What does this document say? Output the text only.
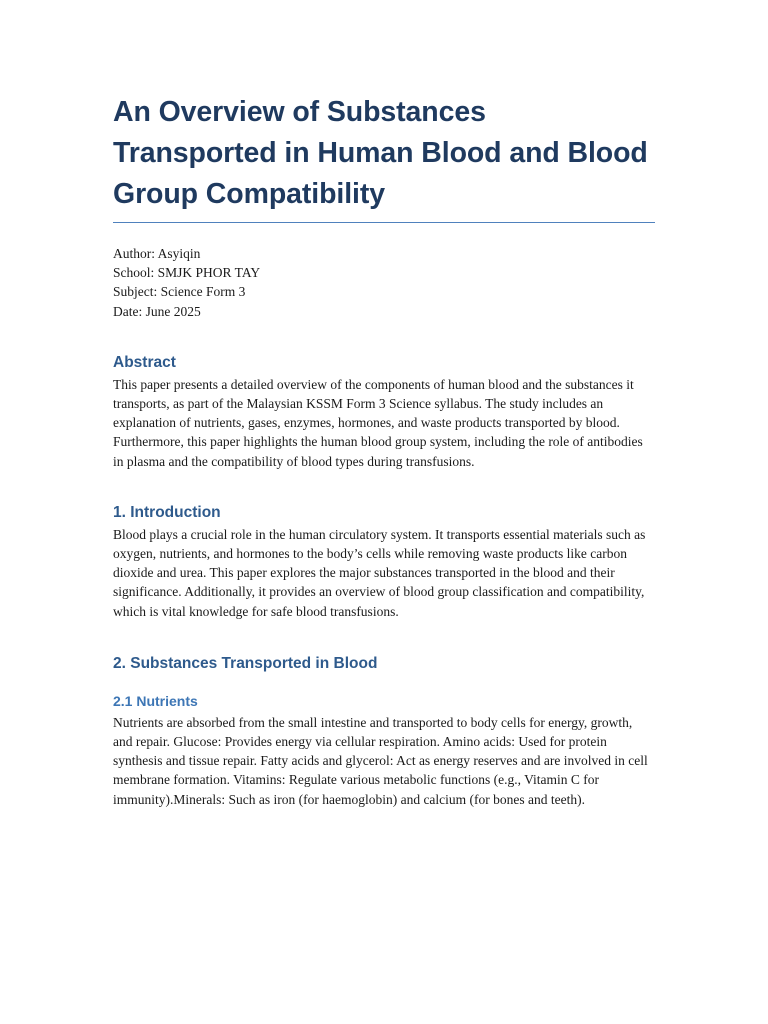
An Overview of Substances Transported in Human Blood and Blood Group Compatibility
Author: Asyiqin
School: SMJK PHOR TAY
Subject: Science Form 3
Date: June 2025
Abstract

This paper presents a detailed overview of the components of human blood and the substances it transports, as part of the Malaysian KSSM Form 3 Science syllabus. The study includes an explanation of nutrients, gases, enzymes, hormones, and waste products transported by blood. Furthermore, this paper highlights the human blood group system, including the role of antibodies in plasma and the compatibility of blood types during transfusions.

1. Introduction

Blood plays a crucial role in the human circulatory system. It transports essential materials such as oxygen, nutrients, and hormones to the body’s cells while removing waste products like carbon dioxide and urea. This paper explores the major substances transported in the blood and their significance. Additionally, it provides an overview of blood group classification and compatibility, which is vital knowledge for safe blood transfusions.

2. Substances Transported in Blood
2.1 Nutrients

Nutrients are absorbed from the small intestine and transported to body cells for energy, growth, and repair. Glucose: Provides energy via cellular respiration. Amino acids: Used for protein synthesis and tissue repair. Fatty acids and glycerol: Act as energy reserves and are involved in cell membrane formation. Vitamins: Regulate various metabolic functions (e.g., Vitamin C for immunity).Minerals: Such as iron (for haemoglobin) and calcium (for bones and teeth).
